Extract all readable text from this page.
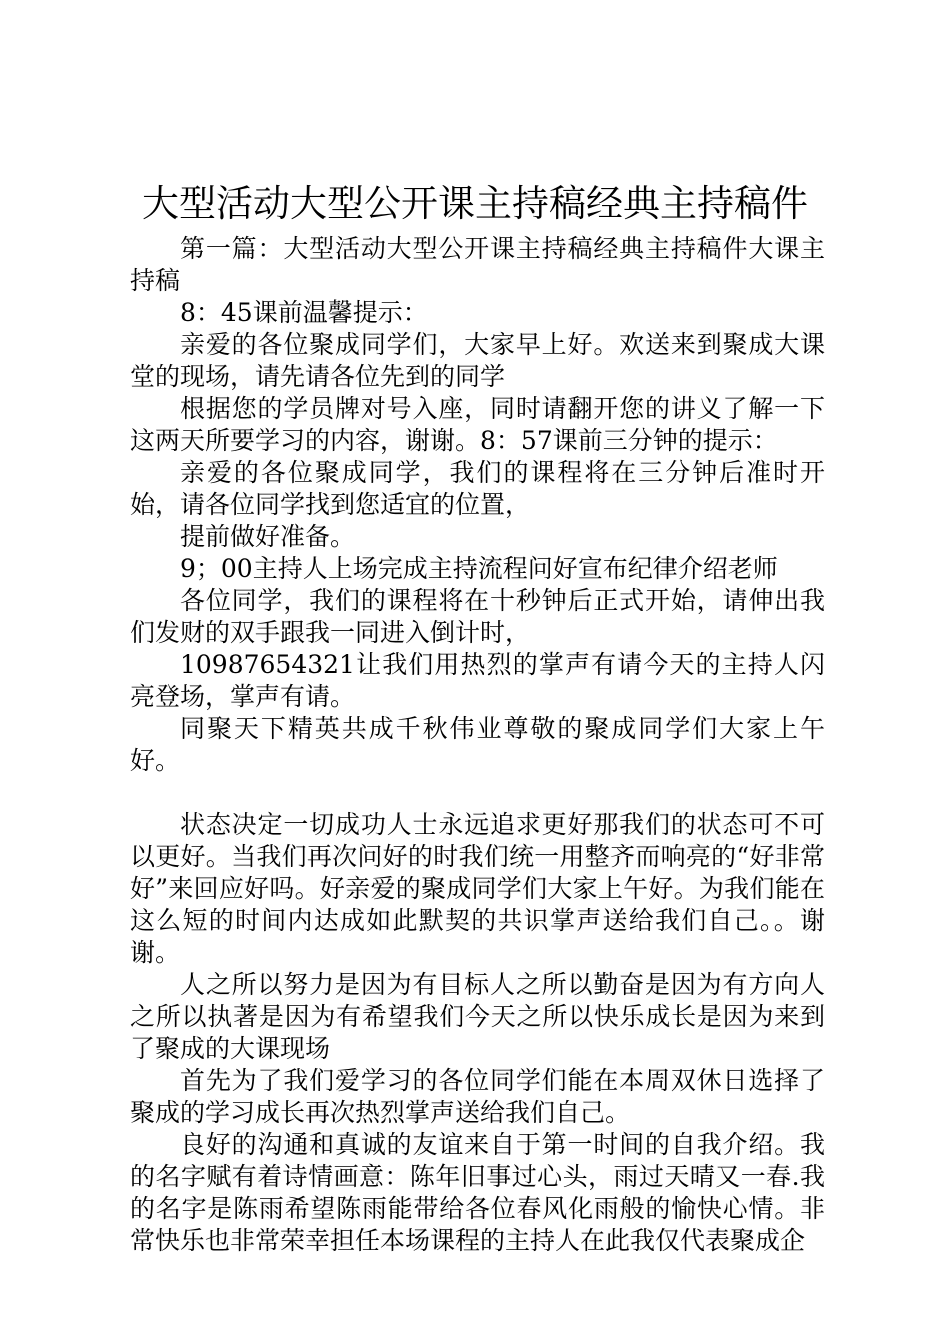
大型活动大型公开课主持稿经典主持稿件

第一篇：大型活动大型公开课主持稿经典主持稿件大课主持稿

8：45课前温馨提示：

亲爱的各位聚成同学们，大家早上好。欢送来到聚成大课堂的现场，请先请各位先到的同学

根据您的学员牌对号入座，同时请翻开您的讲义了解一下这两天所要学习的内容，谢谢。8：57课前三分钟的提示：

亲爱的各位聚成同学，我们的课程将在三分钟后准时开始，请各位同学找到您适宜的位置，

提前做好准备。

9；00主持人上场完成主持流程问好宣布纪律介绍老师

各位同学，我们的课程将在十秒钟后正式开始，请伸出我们发财的双手跟我一同进入倒计时，

10987654321让我们用热烈的掌声有请今天的主持人闪亮登场，掌声有请。

同聚天下精英共成千秋伟业尊敬的聚成同学们大家上午好。

状态决定一切成功人士永远追求更好那我们的状态可不可以更好。当我们再次问好的时我们统一用整齐而响亮的“好非常好”来回应好吗。好亲爱的聚成同学们大家上午好。为我们能在这么短的时间内达成如此默契的共识掌声送给我们自己。。谢谢。

人之所以努力是因为有目标人之所以勤奋是因为有方向人之所以执著是因为有希望我们今天之所以快乐成长是因为来到了聚成的大课现场

首先为了我们爱学习的各位同学们能在本周双休日选择了聚成的学习成长再次热烈掌声送给我们自己。

良好的沟通和真诚的友谊来自于第一时间的自我介绍。我的名字赋有着诗情画意：陈年旧事过心头，雨过天晴又一春.我的名字是陈雨希望陈雨能带给各位春风化雨般的愉快心情。非常快乐也非常荣幸担任本场课程的主持人在此我仅代表聚成企
